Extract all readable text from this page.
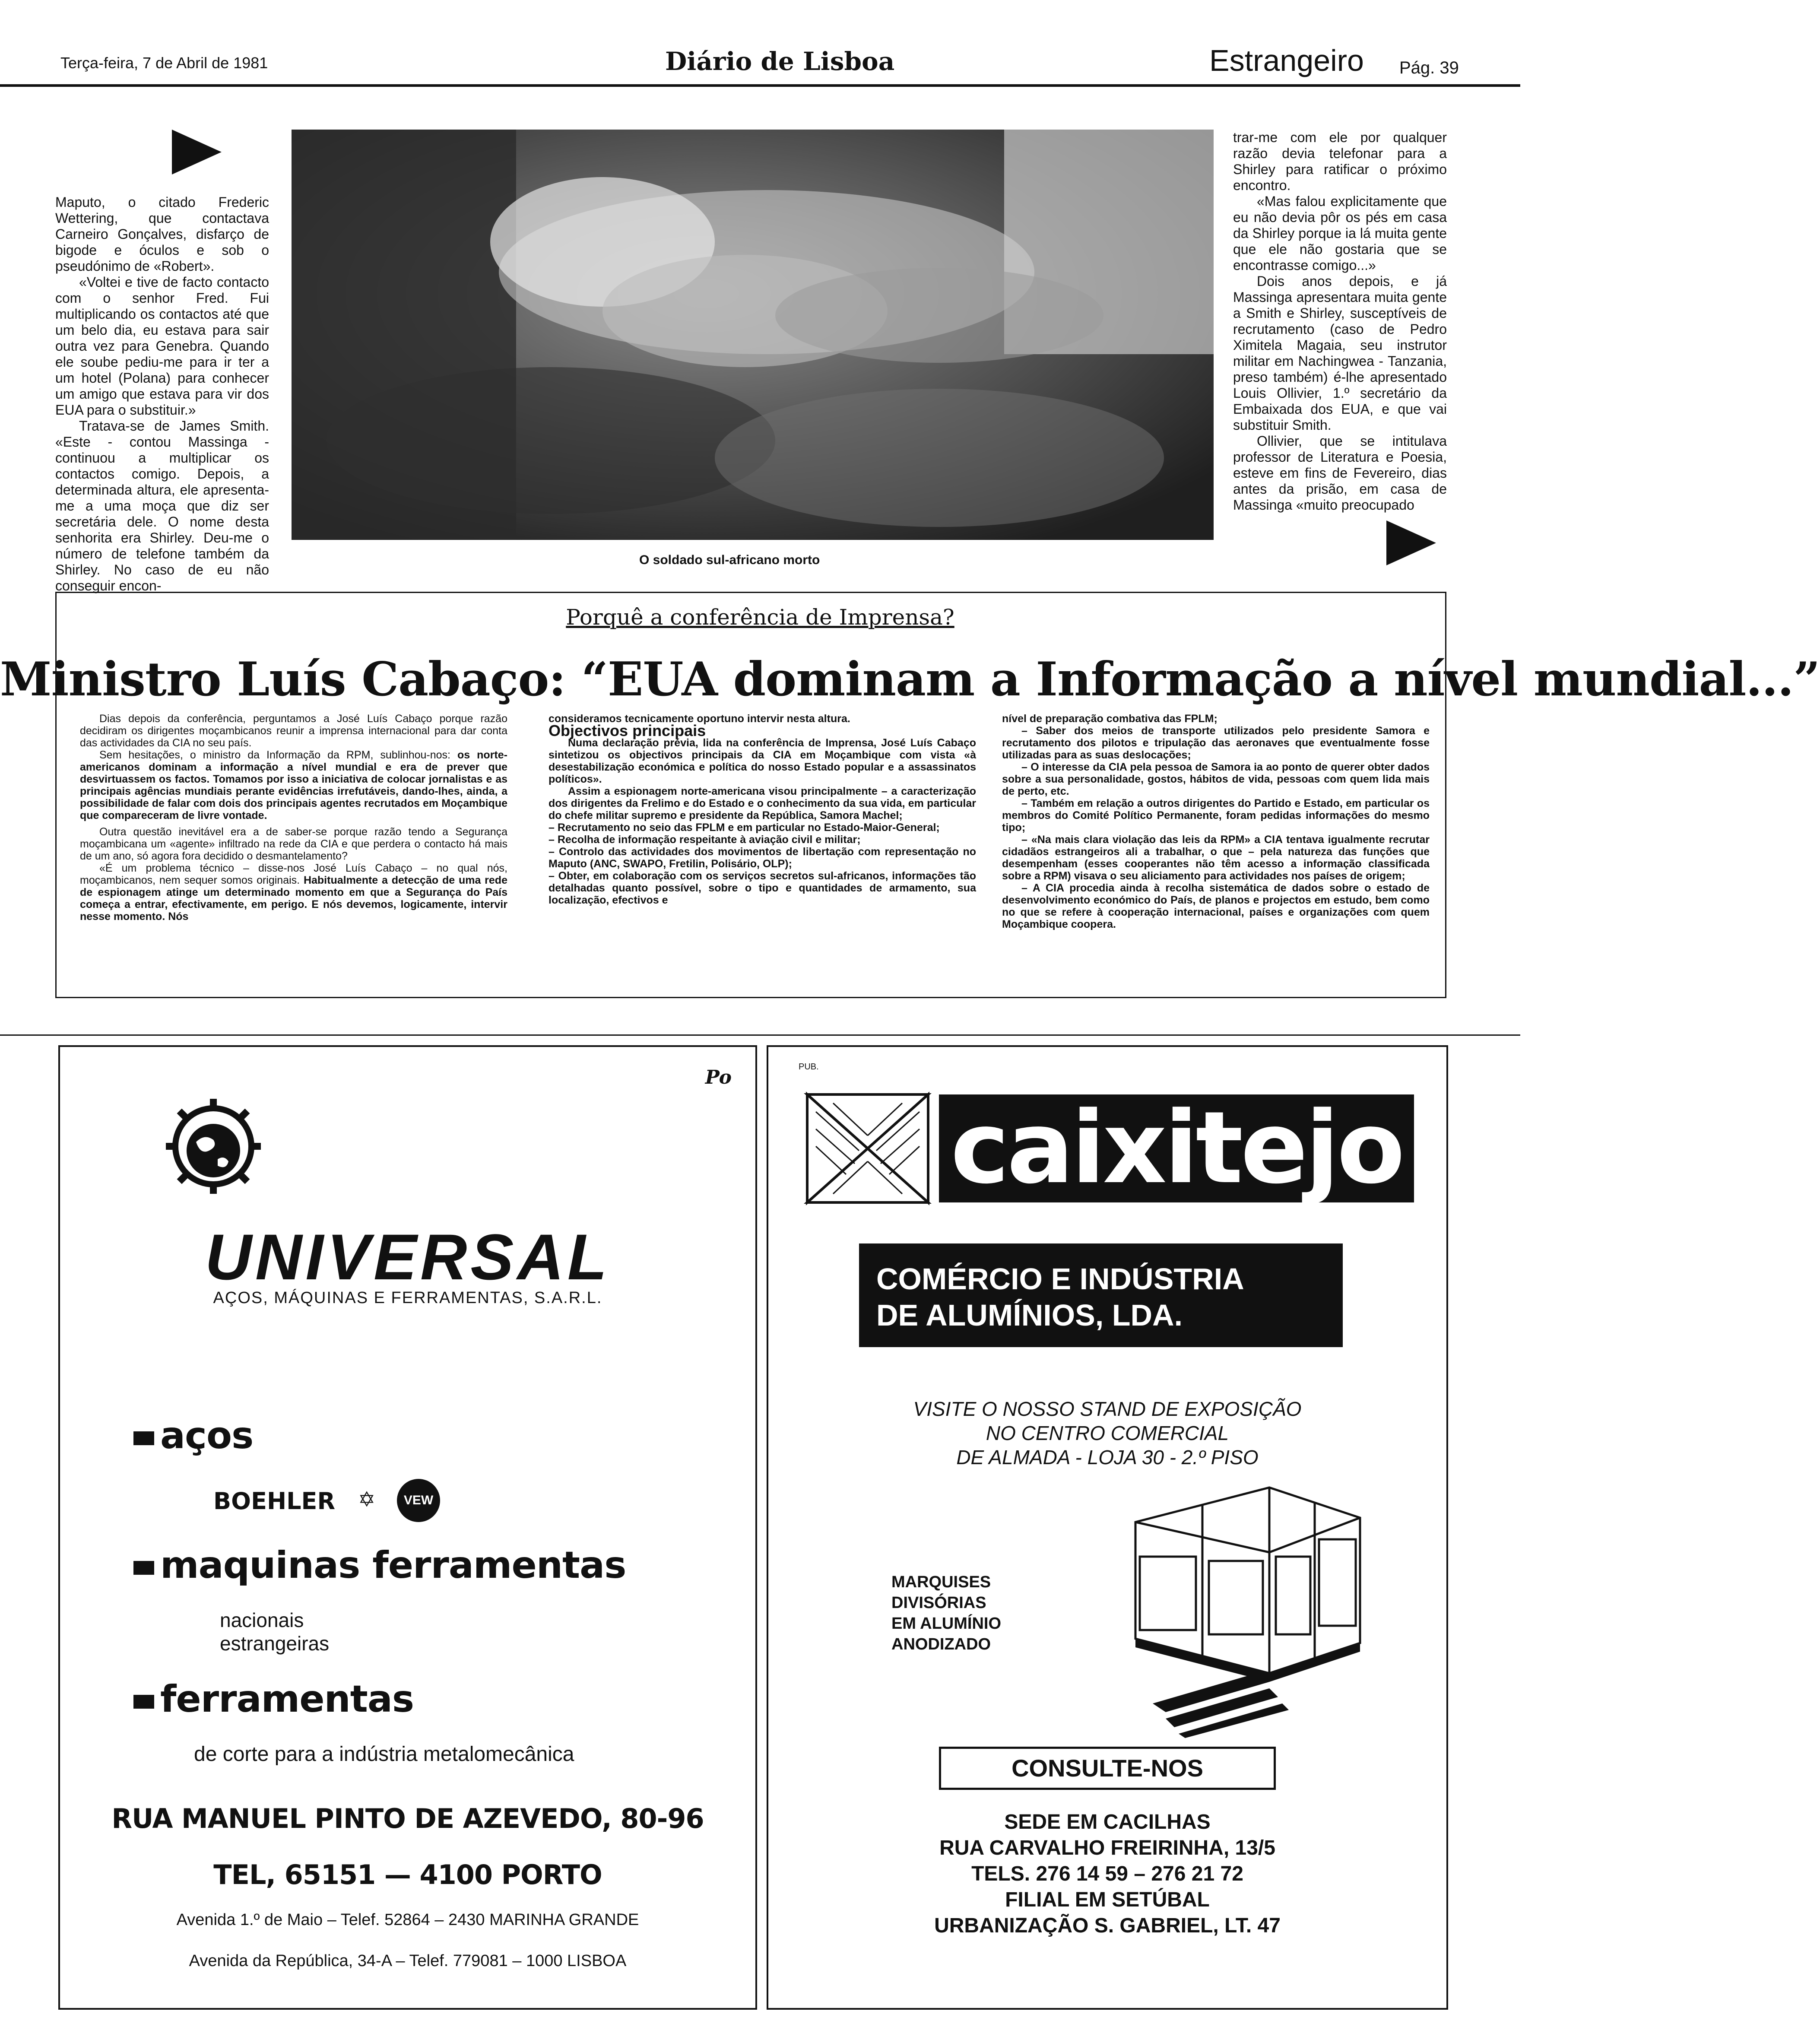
Terça-feira, 7 de Abril de 1981	Diário de Lisboa	Estrangeiro Pág. 39

Maputo, o citado Frederic Wettering, que contactava Carneiro Gonçalves, disfarço de bigode e óculos e sob o pseudónimo de «Robert».

«Voltei e tive de facto contacto com o senhor Fred. Fui multiplicando os contactos até que um belo dia, eu estava para sair outra vez para Genebra. Quando ele soube pediu-me para ir ter a um hotel (Polana) para conhecer um amigo que estava para vir dos EUA para o substituir.»

Tratava-se de James Smith. «Este - contou Massinga - continuou a multiplicar os contactos comigo. Depois, a determinada altura, ele apresenta-me a uma moça que diz ser secretária dele. O nome desta senhorita era Shirley. Deu-me o número de telefone também da Shirley. No caso de eu não conseguir encon-

O soldado sul-africano morto

trar-me com ele por qualquer razão devia telefonar para a Shirley para ratificar o próximo encontro.

«Mas falou explicitamente que eu não devia pôr os pés em casa da Shirley porque ia lá muita gente que ele não gostaria que se encontrasse comigo...»

Dois anos depois, e já Massinga apresentara muita gente a Smith e Shirley, susceptíveis de recrutamento (caso de Pedro Ximitela Magaia, seu instrutor militar em Nachingwea - Tanzania, preso também) é-lhe apresentado Louis Ollivier, 1.º secretário da Embaixada dos EUA, e que vai substituir Smith.

Ollivier, que se intitulava professor de Literatura e Poesia, esteve em fins de Fevereiro, dias antes da prisão, em casa de Massinga «muito preocupado

Porquê a conferência de Imprensa?
Ministro Luís Cabaço: “EUA dominam a Informação a nível mundial...”

Dias depois da conferência, perguntamos a José Luís Cabaço porque razão decidiram os dirigentes moçambicanos reunir a imprensa internacional para dar conta das actividades da CIA no seu país.

Sem hesitações, o ministro da Informação da RPM, sublinhou-nos: os norte-americanos dominam a informação a nível mundial e era de prever que desvirtuassem os factos. Tomamos por isso a iniciativa de colocar jornalistas e as principais agências mundiais perante evidências irrefutáveis, dando-lhes, ainda, a possibilidade de falar com dois dos principais agentes recrutados em Moçambique que compareceram de livre vontade.

Outra questão inevitável era a de saber-se porque razão tendo a Segurança moçambicana um «agente» infiltrado na rede da CIA e que perdera o contacto há mais de um ano, só agora fora decidido o desmantelamento?

«É um problema técnico – disse-nos José Luís Cabaço – no qual nós, moçambicanos, nem sequer somos originais. Habitualmente a detecção de uma rede de espionagem atinge um determinado momento em que a Segurança do País começa a entrar, efectivamente, em perigo. E nós devemos, logicamente, intervir nesse momento. Nós

consideramos tecnicamente oportuno intervir nesta altura.

Objectivos principais

Numa declaração prévia, lida na conferência de Imprensa, José Luís Cabaço sintetizou os objectivos principais da CIA em Moçambique com vista «à desestabilização económica e política do nosso Estado popular e a assassinatos políticos».

Assim a espionagem norte-americana visou principalmente – a caracterização dos dirigentes da Frelimo e do Estado e o conhecimento da sua vida, em particular do chefe militar supremo e presidente da República, Samora Machel;

– Recrutamento no seio das FPLM e em particular no Estado-Maior-General;

– Recolha de informação respeitante à aviação civil e militar;

– Controlo das actividades dos movimentos de libertação com representação no Maputo (ANC, SWAPO, Fretilin, Polisário, OLP);

– Obter, em colaboração com os serviços secretos sul-africanos, informações tão detalhadas quanto possível, sobre o tipo e quantidades de armamento, sua localização, efectivos e

nível de preparação combativa das FPLM;

– Saber dos meios de transporte utilizados pelo presidente Samora e recrutamento dos pilotos e tripulação das aeronaves que eventualmente fosse utilizadas para as suas deslocações;

– O interesse da CIA pela pessoa de Samora ia ao ponto de querer obter dados sobre a sua personalidade, gostos, hábitos de vida, pessoas com quem lida mais de perto, etc.

– Também em relação a outros dirigentes do Partido e Estado, em particular os membros do Comité Político Permanente, foram pedidas informações do mesmo tipo;

– «Na mais clara violação das leis da RPM» a CIA tentava igualmente recrutar cidadãos estrangeiros ali a trabalhar, o que – pela natureza das funções que desempenham (esses cooperantes não têm acesso a informação classificada sobre a RPM) visava o seu aliciamento para actividades nos países de origem;

– A CIA procedia ainda à recolha sistemática de dados sobre o estado de desenvolvimento económico do País, de planos e projectos em estudo, bem como no que se refere à cooperação internacional, países e organizações com quem Moçambique coopera.

Po
UNIVERSAL
AÇOS, MÁQUINAS E FERRAMENTAS, S.A.R.L.
aços
BOEHLER ✡	VEW
maquinas ferramentas
nacionais
estrangeiras
ferramentas
de corte para a indústria metalomecânica
RUA MANUEL PINTO DE AZEVEDO, 80-96
TEL, 65151 — 4100 PORTO
Avenida 1.º de Maio – Telef. 52864 – 2430 MARINHA GRANDE
Avenida da República, 34-A – Telef. 779081 – 1000 LISBOA
PUB.
caixitejo
COMÉRCIO E INDÚSTRIA
DE ALUMÍNIOS, LDA.
VISITE O NOSSO STAND DE EXPOSIÇÃO
NO CENTRO COMERCIAL
DE ALMADA - LOJA 30 - 2.º PISO
MARQUISES
DIVISÓRIAS
EM ALUMÍNIO
ANODIZADO
CONSULTE-NOS
SEDE EM CACILHAS
RUA CARVALHO FREIRINHA, 13/5
TELS. 276 14 59 – 276 21 72
FILIAL EM SETÚBAL
URBANIZAÇÃO S. GABRIEL, LT. 47
